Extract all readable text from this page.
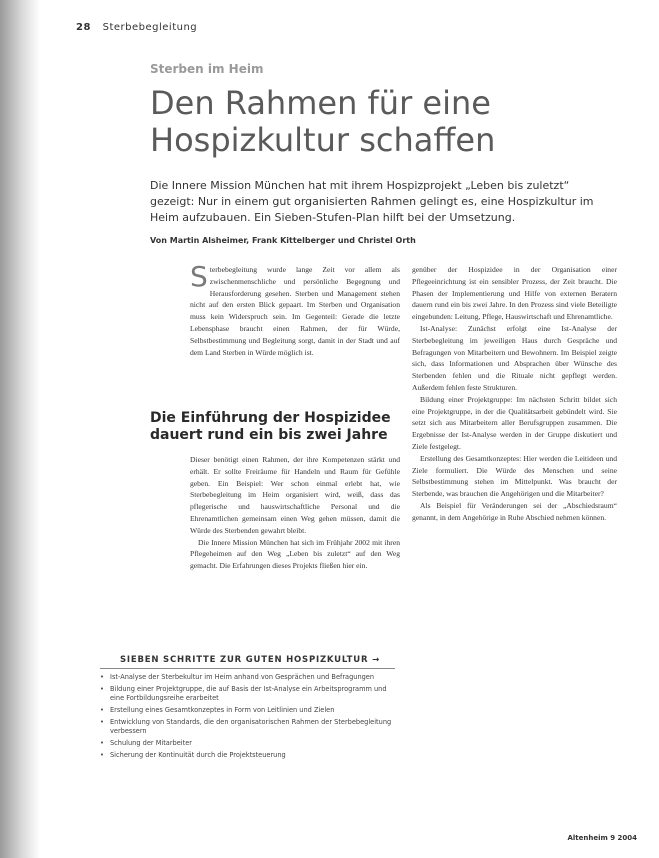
28 Sterbebegleitung
Sterben im Heim
Den Rahmen für eine Hospizkultur schaffen
Die Innere Mission München hat mit ihrem Hospizprojekt „Leben bis zuletzt“ gezeigt: Nur in einem gut organisierten Rahmen gelingt es, eine Hospizkultur im Heim aufzubauen. Ein Sieben-Stufen-Plan hilft bei der Umsetzung.
Von Martin Alsheimer, Frank Kittelberger und Christel Orth
S terbebegleitung wurde lange Zeit vor allem als zwischenmenschliche und persönliche Begegnung und Herausforderung gesehen. Sterben und Management stehen nicht auf den ersten Blick gepaart. Im Sterben und Organisation muss kein Widerspruch sein. Im Gegenteil: Gerade die letzte Lebensphase braucht einen Rahmen, der für Würde, Selbstbestimmung und Begleitung sorgt, damit in der Stadt und auf dem Land Sterben in Würde möglich ist.

Die Einführung der Hospizidee dauert rund ein bis zwei Jahre

Dieser benötigt einen Rahmen, der ihre Kompetenzen stärkt und erhält. Er sollte Freiräume für Handeln und Raum für Gefühle geben. Ein Beispiel: Wer schon einmal erlebt hat, wie Sterbebegleitung im Heim organisiert wird, weiß, dass das pflegerische und hauswirtschaftliche Personal und die Ehrenamtlichen gemeinsam einen Weg gehen müssen, damit die Würde des Sterbenden gewahrt bleibt.

Die Innere Mission München hat sich im Frühjahr 2002 mit ihren Pflegeheimen auf den Weg „Leben bis zuletzt“ auf den Weg gemacht. Die Erfahrungen dieses Projekts fließen hier ein.

genüber der Hospizidee in der Organisation einer Pflegeeinrichtung ist ein sensibler Prozess, der Zeit braucht. Die Phasen der Implementierung und Hilfe von externen Beratern dauern rund ein bis zwei Jahre. In den Prozess sind viele Beteiligte eingebunden: Leitung, Pflege, Hauswirtschaft und Ehrenamtliche.

Ist-Analyse: Zunächst erfolgt eine Ist-Analyse der Sterbebegleitung im jeweiligen Haus durch Gespräche und Befragungen von Mitarbeitern und Bewohnern. Im Beispiel zeigte sich, dass Informationen und Absprachen über Wünsche des Sterbenden fehlen und die Rituale nicht gepflegt werden. Außerdem fehlen feste Strukturen.

Bildung einer Projektgruppe: Im nächsten Schritt bildet sich eine Projektgruppe, in der die Qualitätsarbeit gebündelt wird. Sie setzt sich aus Mitarbeitern aller Berufsgruppen zusammen. Die Ergebnisse der Ist-Analyse werden in der Gruppe diskutiert und Ziele festgelegt.

Erstellung des Gesamtkonzeptes: Hier werden die Leitideen und Ziele formuliert. Die Würde des Menschen und seine Selbstbestimmung stehen im Mittelpunkt. Was braucht der Sterbende, was brauchen die Angehörigen und die Mitarbeiter?

Als Beispiel für Veränderungen sei der „Abschiedsraum“ genannt, in dem Angehörige in Ruhe Abschied nehmen können.

SIEBEN SCHRITTE ZUR GUTEN HOSPIZKULTUR →
• Ist-Analyse der Sterbekultur im Heim anhand von Gesprächen und Befragungen
• Bildung einer Projektgruppe, die auf Basis der Ist-Analyse ein Arbeitsprogramm und eine Fortbildungsreihe erarbeitet
• Erstellung eines Gesamtkonzeptes in Form von Leitlinien und Zielen
• Entwicklung von Standards, die den organisatorischen Rahmen der Sterbebegleitung verbessern
• Schulung der Mitarbeiter
• Sicherung der Kontinuität durch die Projektsteuerung
Altenheim 9 2004
